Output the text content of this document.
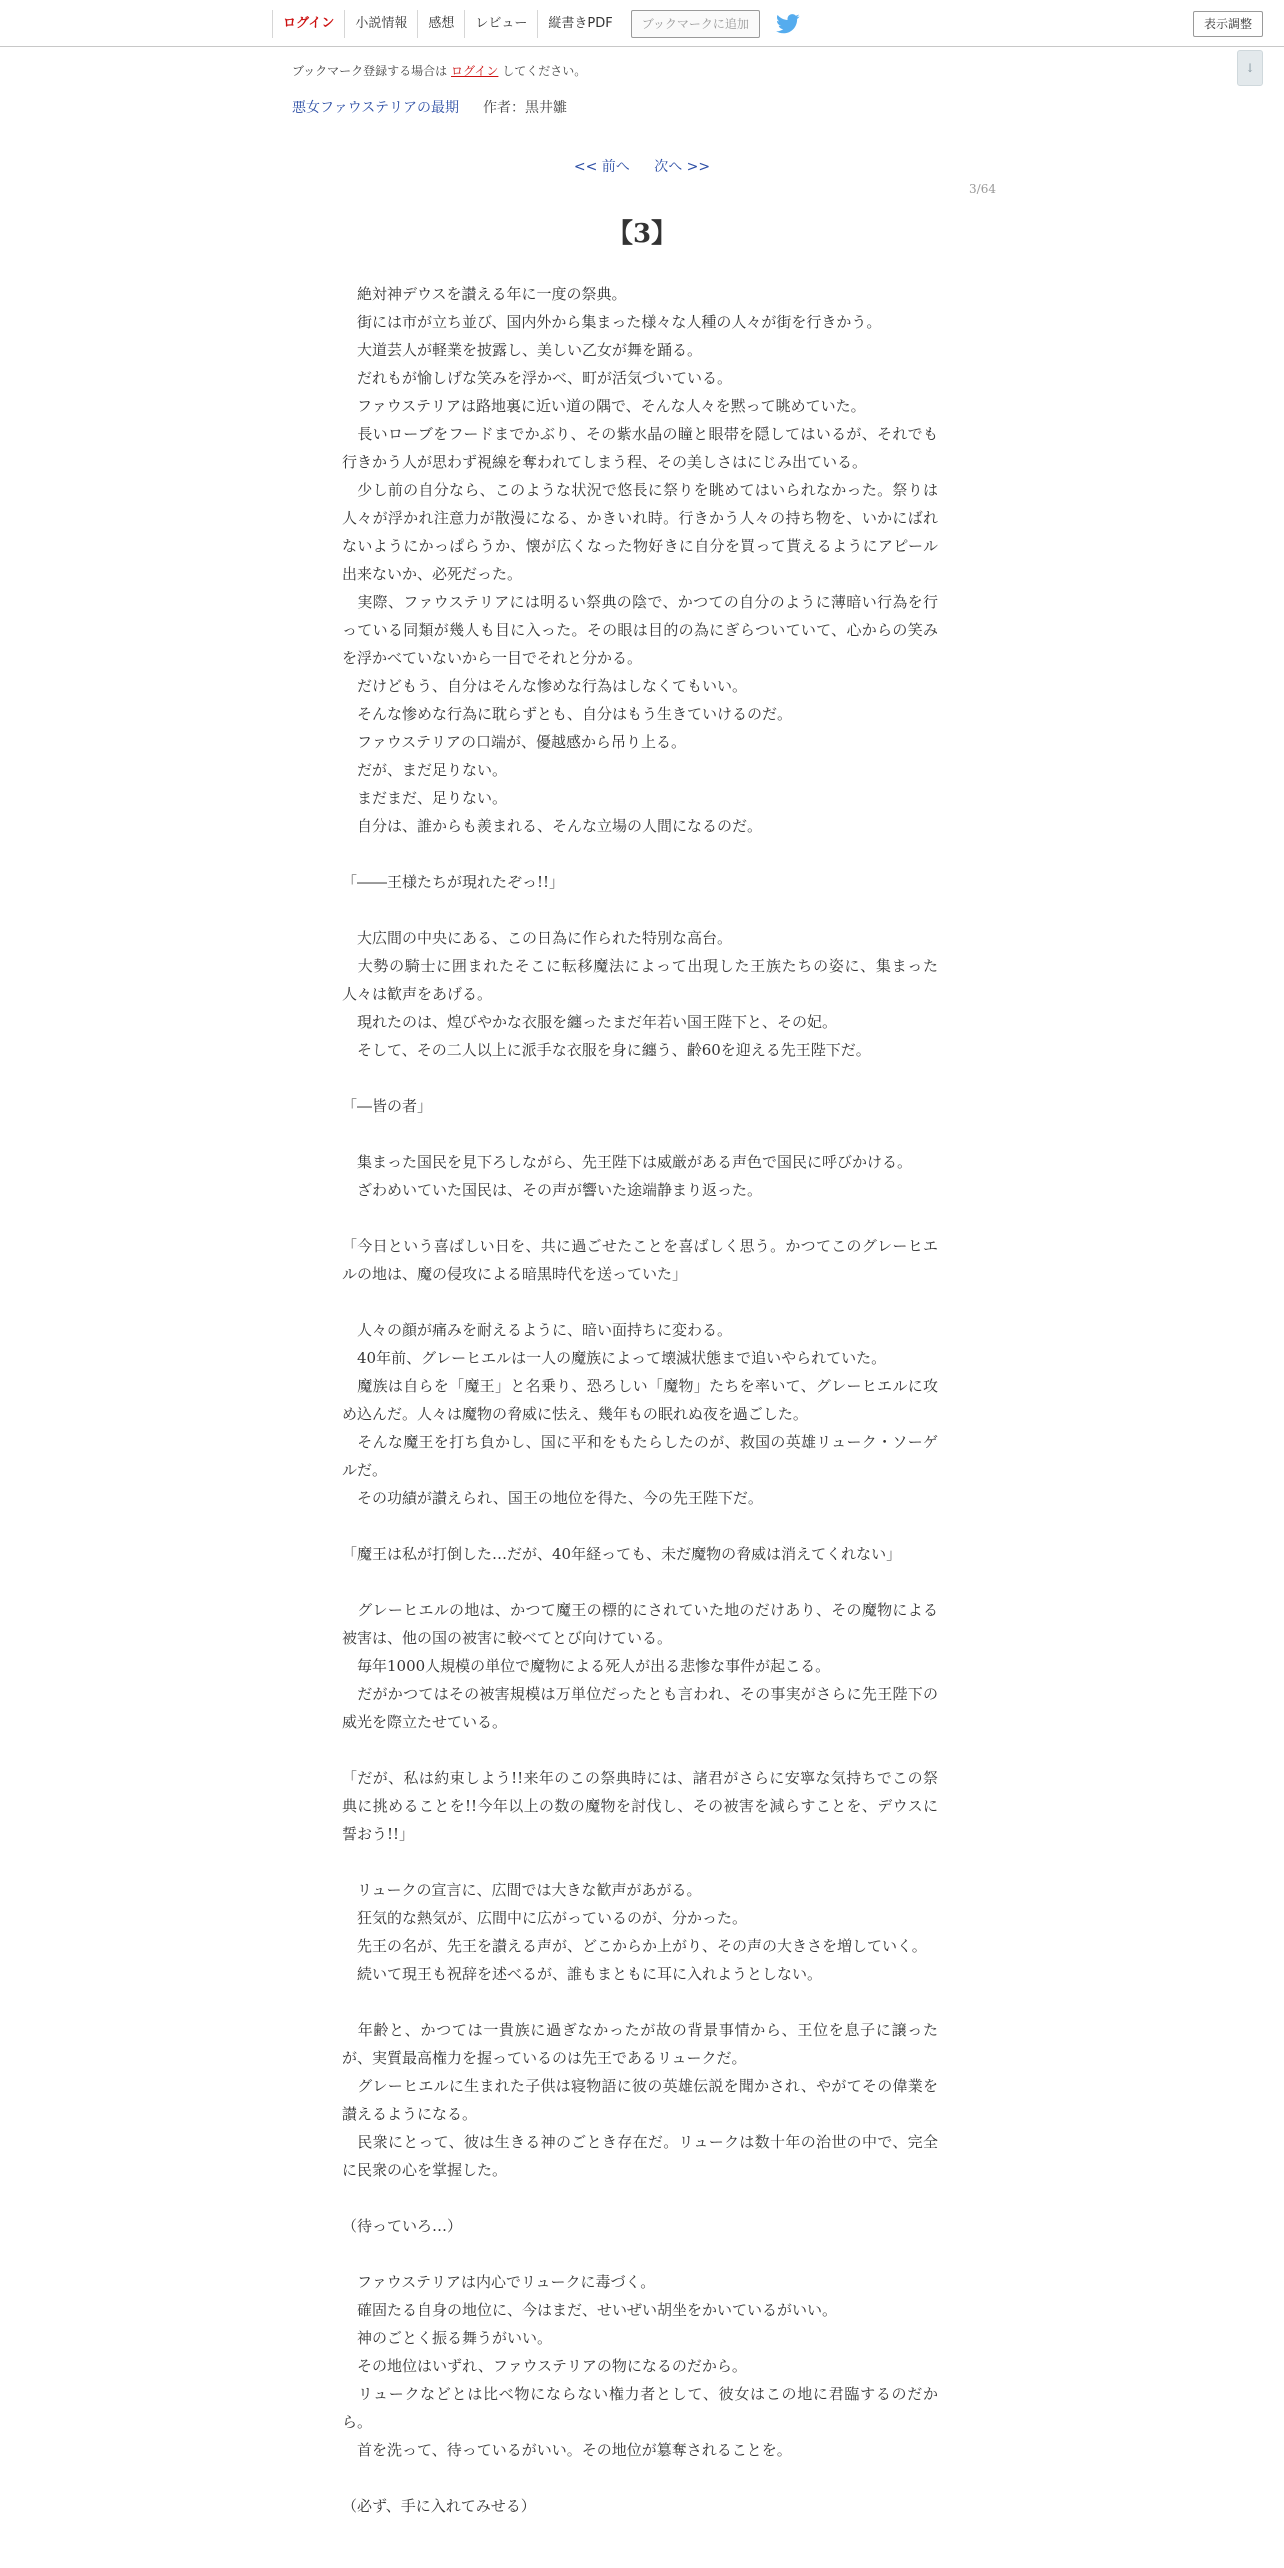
ログイン	小説情報	感想	レビュー	縦書きPDF	ブックマークに追加	表示調整
↓
ブックマーク登録する場合は ログイン してください。
悪女ファウステリアの最期 作者：黒井雛
<< 前へ 次へ >>
3/64
【3】

　絶対神デウスを讃える年に一度の祭典。

　街には市が立ち並び、国内外から集まった様々な人種の人々が街を行きかう。

　大道芸人が軽業を披露し、美しい乙女が舞を踊る。

　だれもが愉しげな笑みを浮かべ、町が活気づいている。

　ファウステリアは路地裏に近い道の隅で、そんな人々を黙って眺めていた。

　長いローブをフードまでかぶり、その紫水晶の瞳と眼帯を隠してはいるが、それでも行きかう人が思わず視線を奪われてしまう程、その美しさはにじみ出ている。

　少し前の自分なら、このような状況で悠長に祭りを眺めてはいられなかった。祭りは人々が浮かれ注意力が散漫になる、かきいれ時。行きかう人々の持ち物を、いかにばれないようにかっぱらうか、懐が広くなった物好きに自分を買って貰えるようにアピール出来ないか、必死だった。

　実際、ファウステリアには明るい祭典の陰で、かつての自分のように薄暗い行為を行っている同類が幾人も目に入った。その眼は目的の為にぎらついていて、心からの笑みを浮かべていないから一目でそれと分かる。

　だけどもう、自分はそんな惨めな行為はしなくてもいい。

　そんな惨めな行為に耽らずとも、自分はもう生きていけるのだ。

　ファウステリアの口端が、優越感から吊り上る。

　だが、まだ足りない。

　まだまだ、足りない。

　自分は、誰からも羨まれる、そんな立場の人間になるのだ。

「――王様たちが現れたぞっ!!」

　大広間の中央にある、この日為に作られた特別な高台。

　大勢の騎士に囲まれたそこに転移魔法によって出現した王族たちの姿に、集まった人々は歓声をあげる。

　現れたのは、煌びやかな衣服を纏ったまだ年若い国王陛下と、その妃。

　そして、その二人以上に派手な衣服を身に纏う、齢60を迎える先王陛下だ。

「―皆の者」

　集まった国民を見下ろしながら、先王陛下は威厳がある声色で国民に呼びかける。

　ざわめいていた国民は、その声が響いた途端静まり返った。

「今日という喜ばしい日を、共に過ごせたことを喜ばしく思う。かつてこのグレーヒエルの地は、魔の侵攻による暗黒時代を送っていた」

　人々の顔が痛みを耐えるように、暗い面持ちに変わる。

　40年前、グレーヒエルは一人の魔族によって壊滅状態まで追いやられていた。

　魔族は自らを「魔王」と名乗り、恐ろしい「魔物」たちを率いて、グレーヒエルに攻め込んだ。人々は魔物の脅威に怯え、幾年もの眠れぬ夜を過ごした。

　そんな魔王を打ち負かし、国に平和をもたらしたのが、救国の英雄リューク・ソーゲルだ。

　その功績が讃えられ、国王の地位を得た、今の先王陛下だ。

「魔王は私が打倒した…だが、40年経っても、未だ魔物の脅威は消えてくれない」

　グレーヒエルの地は、かつて魔王の標的にされていた地のだけあり、その魔物による被害は、他の国の被害に較べてとび向けている。

　毎年1000人規模の単位で魔物による死人が出る悲惨な事件が起こる。

　だがかつてはその被害規模は万単位だったとも言われ、その事実がさらに先王陛下の威光を際立たせている。

「だが、私は約束しよう!!来年のこの祭典時には、諸君がさらに安寧な気持ちでこの祭典に挑めることを!!今年以上の数の魔物を討伐し、その被害を減らすことを、デウスに誓おう!!」

　リュークの宣言に、広間では大きな歓声があがる。

　狂気的な熱気が、広間中に広がっているのが、分かった。

　先王の名が、先王を讃える声が、どこからか上がり、その声の大きさを増していく。

　続いて現王も祝辞を述べるが、誰もまともに耳に入れようとしない。

　年齢と、かつては一貴族に過ぎなかったが故の背景事情から、王位を息子に譲ったが、実質最高権力を握っているのは先王であるリュークだ。

　グレーヒエルに生まれた子供は寝物語に彼の英雄伝説を聞かされ、やがてその偉業を讃えるようになる。

　民衆にとって、彼は生きる神のごとき存在だ。リュークは数十年の治世の中で、完全に民衆の心を掌握した。

（待っていろ…）

　ファウステリアは内心でリュークに毒づく。

　確固たる自身の地位に、今はまだ、せいぜい胡坐をかいているがいい。

　神のごとく振る舞うがいい。

　その地位はいずれ、ファウステリアの物になるのだから。

　リュークなどとは比べ物にならない権力者として、彼女はこの地に君臨するのだから。

　首を洗って、待っているがいい。その地位が簒奪されることを。

（必ず、手に入れてみせる）
